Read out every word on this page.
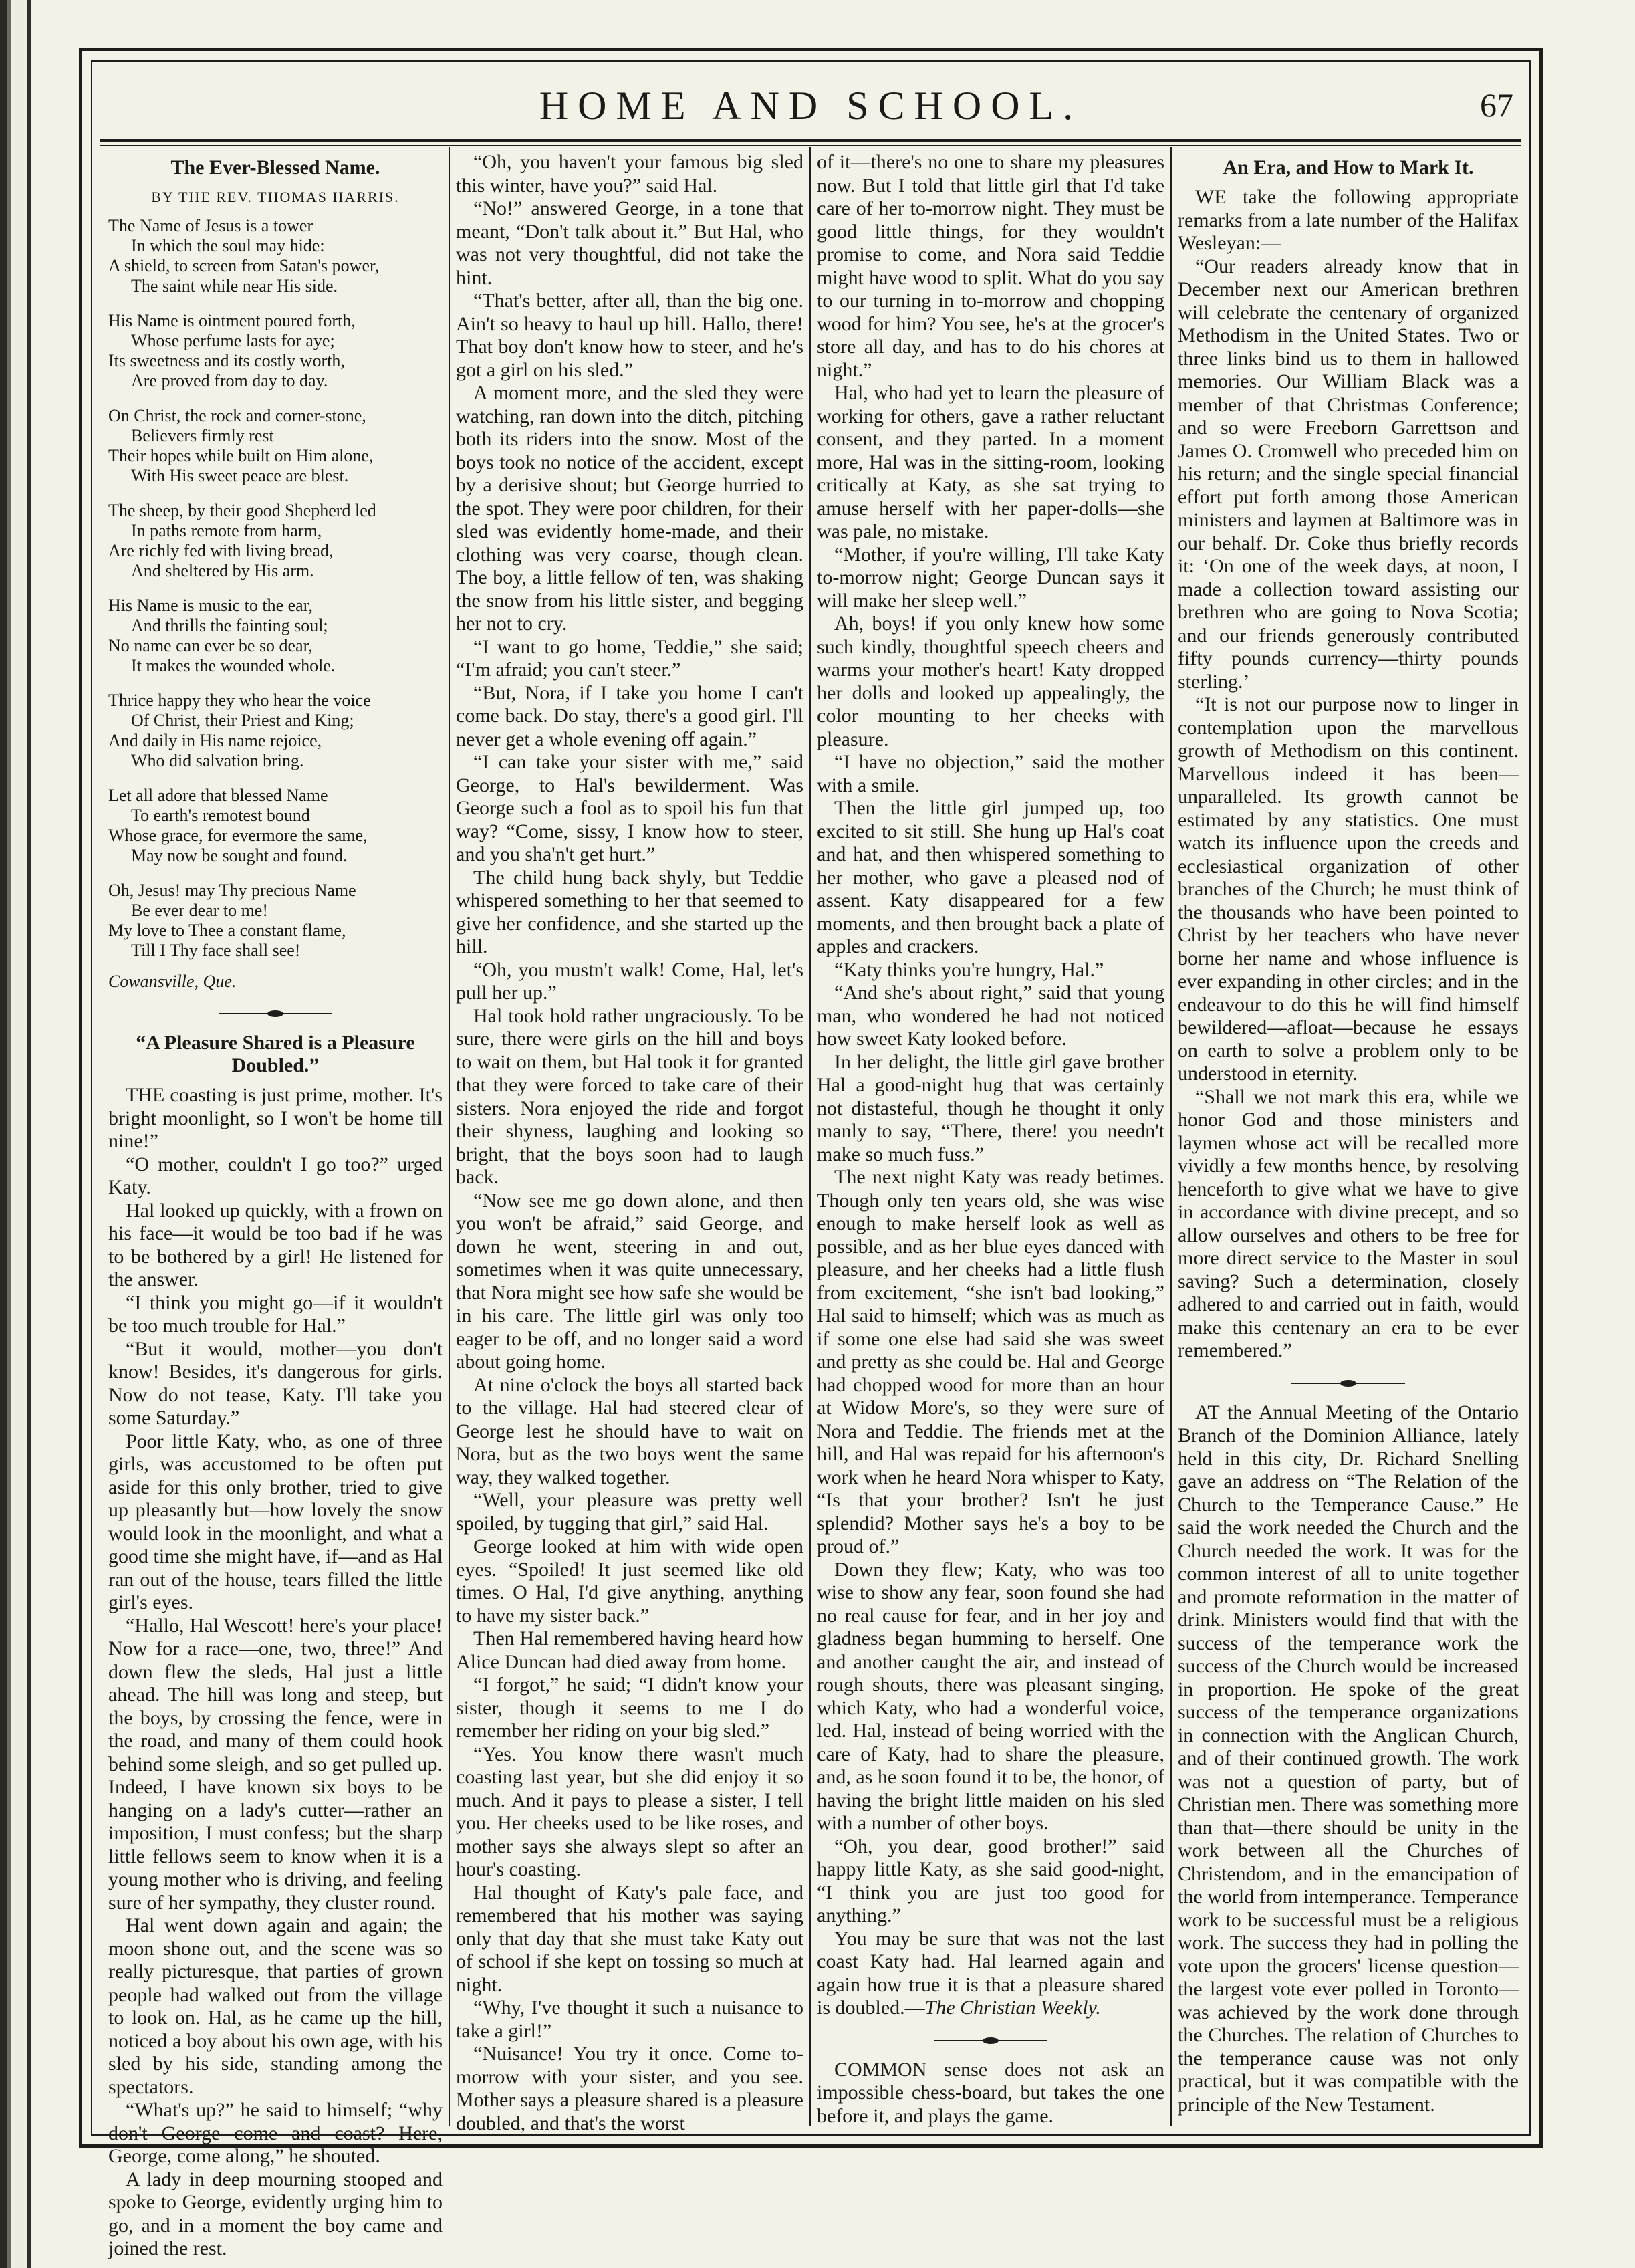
HOME AND SCHOOL.	67
The Ever-Blessed Name.

BY THE REV. THOMAS HARRIS.

The Name of Jesus is a tower
In which the soul may hide:
A shield, to screen from Satan's power,
The saint while near His side.
His Name is ointment poured forth,
Whose perfume lasts for aye;
Its sweetness and its costly worth,
Are proved from day to day.
On Christ, the rock and corner-stone,
Believers firmly rest
Their hopes while built on Him alone,
With His sweet peace are blest.
The sheep, by their good Shepherd led
In paths remote from harm,
Are richly fed with living bread,
And sheltered by His arm.
His Name is music to the ear,
And thrills the fainting soul;
No name can ever be so dear,
It makes the wounded whole.
Thrice happy they who hear the voice
Of Christ, their Priest and King;
And daily in His name rejoice,
Who did salvation bring.
Let all adore that blessed Name
To earth's remotest bound
Whose grace, for evermore the same,
May now be sought and found.
Oh, Jesus! may Thy precious Name
Be ever dear to me!
My love to Thee a constant flame,
Till I Thy face shall see!

Cowansville, Que.

“A Pleasure Shared is a Pleasure Doubled.”

THE coasting is just prime, mother. It's bright moonlight, so I won't be home till nine!”

“O mother, couldn't I go too?” urged Katy.

Hal looked up quickly, with a frown on his face—it would be too bad if he was to be bothered by a girl! He listened for the answer.

“I think you might go—if it wouldn't be too much trouble for Hal.”

“But it would, mother—you don't know! Besides, it's dangerous for girls. Now do not tease, Katy. I'll take you some Saturday.”

Poor little Katy, who, as one of three girls, was accustomed to be often put aside for this only brother, tried to give up pleasantly but—how lovely the snow would look in the moonlight, and what a good time she might have, if—and as Hal ran out of the house, tears filled the little girl's eyes.

“Hallo, Hal Wescott! here's your place! Now for a race—one, two, three!” And down flew the sleds, Hal just a little ahead. The hill was long and steep, but the boys, by crossing the fence, were in the road, and many of them could hook behind some sleigh, and so get pulled up. Indeed, I have known six boys to be hanging on a lady's cutter—rather an imposition, I must confess; but the sharp little fellows seem to know when it is a young mother who is driving, and feeling sure of her sympathy, they cluster round.

Hal went down again and again; the moon shone out, and the scene was so really picturesque, that parties of grown people had walked out from the village to look on. Hal, as he came up the hill, noticed a boy about his own age, with his sled by his side, standing among the spectators.

“What's up?” he said to himself; “why don't George come and coast? Here, George, come along,” he shouted.

A lady in deep mourning stooped and spoke to George, evidently urging him to go, and in a moment the boy came and joined the rest.

“Oh, you haven't your famous big sled this winter, have you?” said Hal.

“No!” answered George, in a tone that meant, “Don't talk about it.” But Hal, who was not very thoughtful, did not take the hint.

“That's better, after all, than the big one. Ain't so heavy to haul up hill. Hallo, there! That boy don't know how to steer, and he's got a girl on his sled.”

A moment more, and the sled they were watching, ran down into the ditch, pitching both its riders into the snow. Most of the boys took no notice of the accident, except by a derisive shout; but George hurried to the spot. They were poor children, for their sled was evidently home-made, and their clothing was very coarse, though clean. The boy, a little fellow of ten, was shaking the snow from his little sister, and begging her not to cry.

“I want to go home, Teddie,” she said; “I'm afraid; you can't steer.”

“But, Nora, if I take you home I can't come back. Do stay, there's a good girl. I'll never get a whole evening off again.”

“I can take your sister with me,” said George, to Hal's bewilderment. Was George such a fool as to spoil his fun that way? “Come, sissy, I know how to steer, and you sha'n't get hurt.”

The child hung back shyly, but Teddie whispered something to her that seemed to give her confidence, and she started up the hill.

“Oh, you mustn't walk! Come, Hal, let's pull her up.”

Hal took hold rather ungraciously. To be sure, there were girls on the hill and boys to wait on them, but Hal took it for granted that they were forced to take care of their sisters. Nora enjoyed the ride and forgot their shyness, laughing and looking so bright, that the boys soon had to laugh back.

“Now see me go down alone, and then you won't be afraid,” said George, and down he went, steering in and out, sometimes when it was quite unnecessary, that Nora might see how safe she would be in his care. The little girl was only too eager to be off, and no longer said a word about going home.

At nine o'clock the boys all started back to the village. Hal had steered clear of George lest he should have to wait on Nora, but as the two boys went the same way, they walked together.

“Well, your pleasure was pretty well spoiled, by tugging that girl,” said Hal.

George looked at him with wide open eyes. “Spoiled! It just seemed like old times. O Hal, I'd give anything, anything to have my sister back.”

Then Hal remembered having heard how Alice Duncan had died away from home.

“I forgot,” he said; “I didn't know your sister, though it seems to me I do remember her riding on your big sled.”

“Yes. You know there wasn't much coasting last year, but she did enjoy it so much. And it pays to please a sister, I tell you. Her cheeks used to be like roses, and mother says she always slept so after an hour's coasting.

Hal thought of Katy's pale face, and remembered that his mother was saying only that day that she must take Katy out of school if she kept on tossing so much at night.

“Why, I've thought it such a nuisance to take a girl!”

“Nuisance! You try it once. Come to-morrow with your sister, and you see. Mother says a pleasure shared is a pleasure doubled, and that's the worst

of it—there's no one to share my pleasures now. But I told that little girl that I'd take care of her to-morrow night. They must be good little things, for they wouldn't promise to come, and Nora said Teddie might have wood to split. What do you say to our turning in to-morrow and chopping wood for him? You see, he's at the grocer's store all day, and has to do his chores at night.”

Hal, who had yet to learn the pleasure of working for others, gave a rather reluctant consent, and they parted. In a moment more, Hal was in the sitting-room, looking critically at Katy, as she sat trying to amuse herself with her paper-dolls—she was pale, no mistake.

“Mother, if you're willing, I'll take Katy to-morrow night; George Duncan says it will make her sleep well.”

Ah, boys! if you only knew how some such kindly, thoughtful speech cheers and warms your mother's heart! Katy dropped her dolls and looked up appealingly, the color mounting to her cheeks with pleasure.

“I have no objection,” said the mother with a smile.

Then the little girl jumped up, too excited to sit still. She hung up Hal's coat and hat, and then whispered something to her mother, who gave a pleased nod of assent. Katy disappeared for a few moments, and then brought back a plate of apples and crackers.

“Katy thinks you're hungry, Hal.”

“And she's about right,” said that young man, who wondered he had not noticed how sweet Katy looked before.

In her delight, the little girl gave brother Hal a good-night hug that was certainly not distasteful, though he thought it only manly to say, “There, there! you needn't make so much fuss.”

The next night Katy was ready betimes. Though only ten years old, she was wise enough to make herself look as well as possible, and as her blue eyes danced with pleasure, and her cheeks had a little flush from excitement, “she isn't bad looking,” Hal said to himself; which was as much as if some one else had said she was sweet and pretty as she could be. Hal and George had chopped wood for more than an hour at Widow More's, so they were sure of Nora and Teddie. The friends met at the hill, and Hal was repaid for his afternoon's work when he heard Nora whisper to Katy, “Is that your brother? Isn't he just splendid? Mother says he's a boy to be proud of.”

Down they flew; Katy, who was too wise to show any fear, soon found she had no real cause for fear, and in her joy and gladness began humming to herself. One and another caught the air, and instead of rough shouts, there was pleasant singing, which Katy, who had a wonderful voice, led. Hal, instead of being worried with the care of Katy, had to share the pleasure, and, as he soon found it to be, the honor, of having the bright little maiden on his sled with a number of other boys.

“Oh, you dear, good brother!” said happy little Katy, as she said good-night, “I think you are just too good for anything.”

You may be sure that was not the last coast Katy had. Hal learned again and again how true it is that a pleasure shared is doubled.—The Christian Weekly.

COMMON sense does not ask an impossible chess-board, but takes the one before it, and plays the game.

An Era, and How to Mark It.

WE take the following appropriate remarks from a late number of the Halifax Wesleyan:—

“Our readers already know that in December next our American brethren will celebrate the centenary of organized Methodism in the United States. Two or three links bind us to them in hallowed memories. Our William Black was a member of that Christmas Conference; and so were Freeborn Garrettson and James O. Cromwell who preceded him on his return; and the single special financial effort put forth among those American ministers and laymen at Baltimore was in our behalf. Dr. Coke thus briefly records it: ‘On one of the week days, at noon, I made a collection toward assisting our brethren who are going to Nova Scotia; and our friends generously contributed fifty pounds currency—thirty pounds sterling.’

“It is not our purpose now to linger in contemplation upon the marvellous growth of Methodism on this continent. Marvellous indeed it has been—unparalleled. Its growth cannot be estimated by any statistics. One must watch its influence upon the creeds and ecclesiastical organization of other branches of the Church; he must think of the thousands who have been pointed to Christ by her teachers who have never borne her name and whose influence is ever expanding in other circles; and in the endeavour to do this he will find himself bewildered—afloat—because he essays on earth to solve a problem only to be understood in eternity.

“Shall we not mark this era, while we honor God and those ministers and laymen whose act will be recalled more vividly a few months hence, by resolving henceforth to give what we have to give in accordance with divine precept, and so allow ourselves and others to be free for more direct service to the Master in soul saving? Such a determination, closely adhered to and carried out in faith, would make this centenary an era to be ever remembered.”

AT the Annual Meeting of the Ontario Branch of the Dominion Alliance, lately held in this city, Dr. Richard Snelling gave an address on “The Relation of the Church to the Temperance Cause.” He said the work needed the Church and the Church needed the work. It was for the common interest of all to unite together and promote reformation in the matter of drink. Ministers would find that with the success of the temperance work the success of the Church would be increased in proportion. He spoke of the great success of the temperance organizations in connection with the Anglican Church, and of their continued growth. The work was not a question of party, but of Christian men. There was something more than that—there should be unity in the work between all the Churches of Christendom, and in the emancipation of the world from intemperance. Temperance work to be successful must be a religious work. The success they had in polling the vote upon the grocers' license question—the largest vote ever polled in Toronto—was achieved by the work done through the Churches. The relation of Churches to the temperance cause was not only practical, but it was compatible with the principle of the New Testament.
